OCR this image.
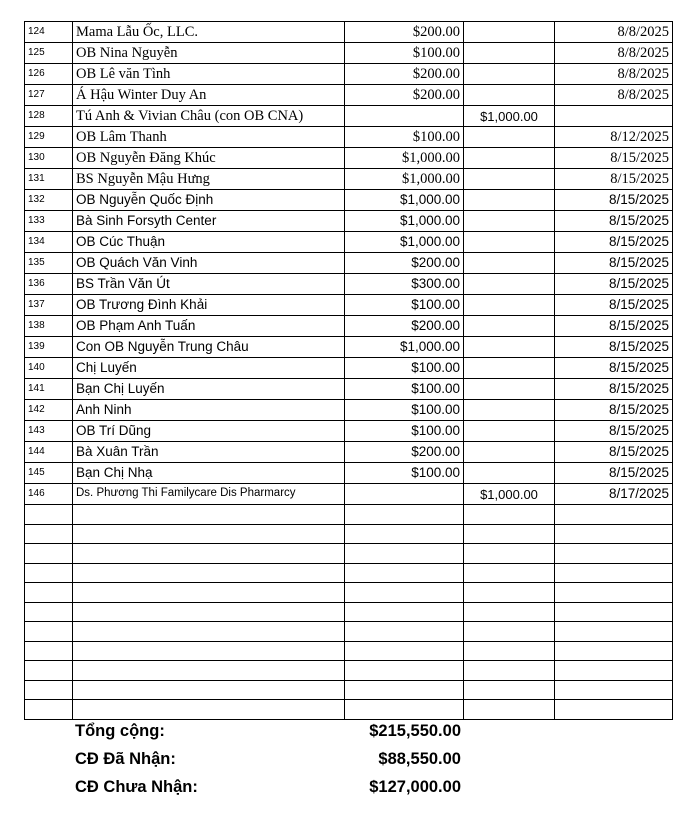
124	Mama Lẫu Ốc, LLC.	$200.00		8/8/2025
125	OB Nina Nguyễn	$100.00		8/8/2025
126	OB Lê văn Tình	$200.00		8/8/2025
127	Á Hậu Winter Duy An	$200.00		8/8/2025
128	Tú Anh & Vivian Châu (con OB CNA)		$1,000.00	
129	OB Lâm Thanh	$100.00		8/12/2025
130	OB Nguyễn Đăng Khúc	$1,000.00		8/15/2025
131	BS Nguyễn Mậu Hưng	$1,000.00		8/15/2025
132	OB Nguyễn Quốc Định	$1,000.00		8/15/2025
133	Bà Sinh Forsyth Center	$1,000.00		8/15/2025
134	OB Cúc Thuận	$1,000.00		8/15/2025
135	OB Quách Văn Vinh	$200.00		8/15/2025
136	BS Trần Văn Út	$300.00		8/15/2025
137	OB Trương Đình Khải	$100.00		8/15/2025
138	OB Phạm Anh Tuấn	$200.00		8/15/2025
139	Con OB Nguyễn Trung Châu	$1,000.00		8/15/2025
140	Chị Luyến	$100.00		8/15/2025
141	Bạn Chị Luyến	$100.00		8/15/2025
142	Anh Ninh	$100.00		8/15/2025
143	OB Trí Dũng	$100.00		8/15/2025
144	Bà Xuân Trần	$200.00		8/15/2025
145	Bạn Chị Nhạ	$100.00		8/15/2025
146	Ds. Phương Thi Familycare Dis Pharmarcy		$1,000.00	8/17/2025

Tổng cộng:	$215,550.00
CĐ Đã Nhận:	$88,550.00
CĐ Chưa Nhận:	$127,000.00
